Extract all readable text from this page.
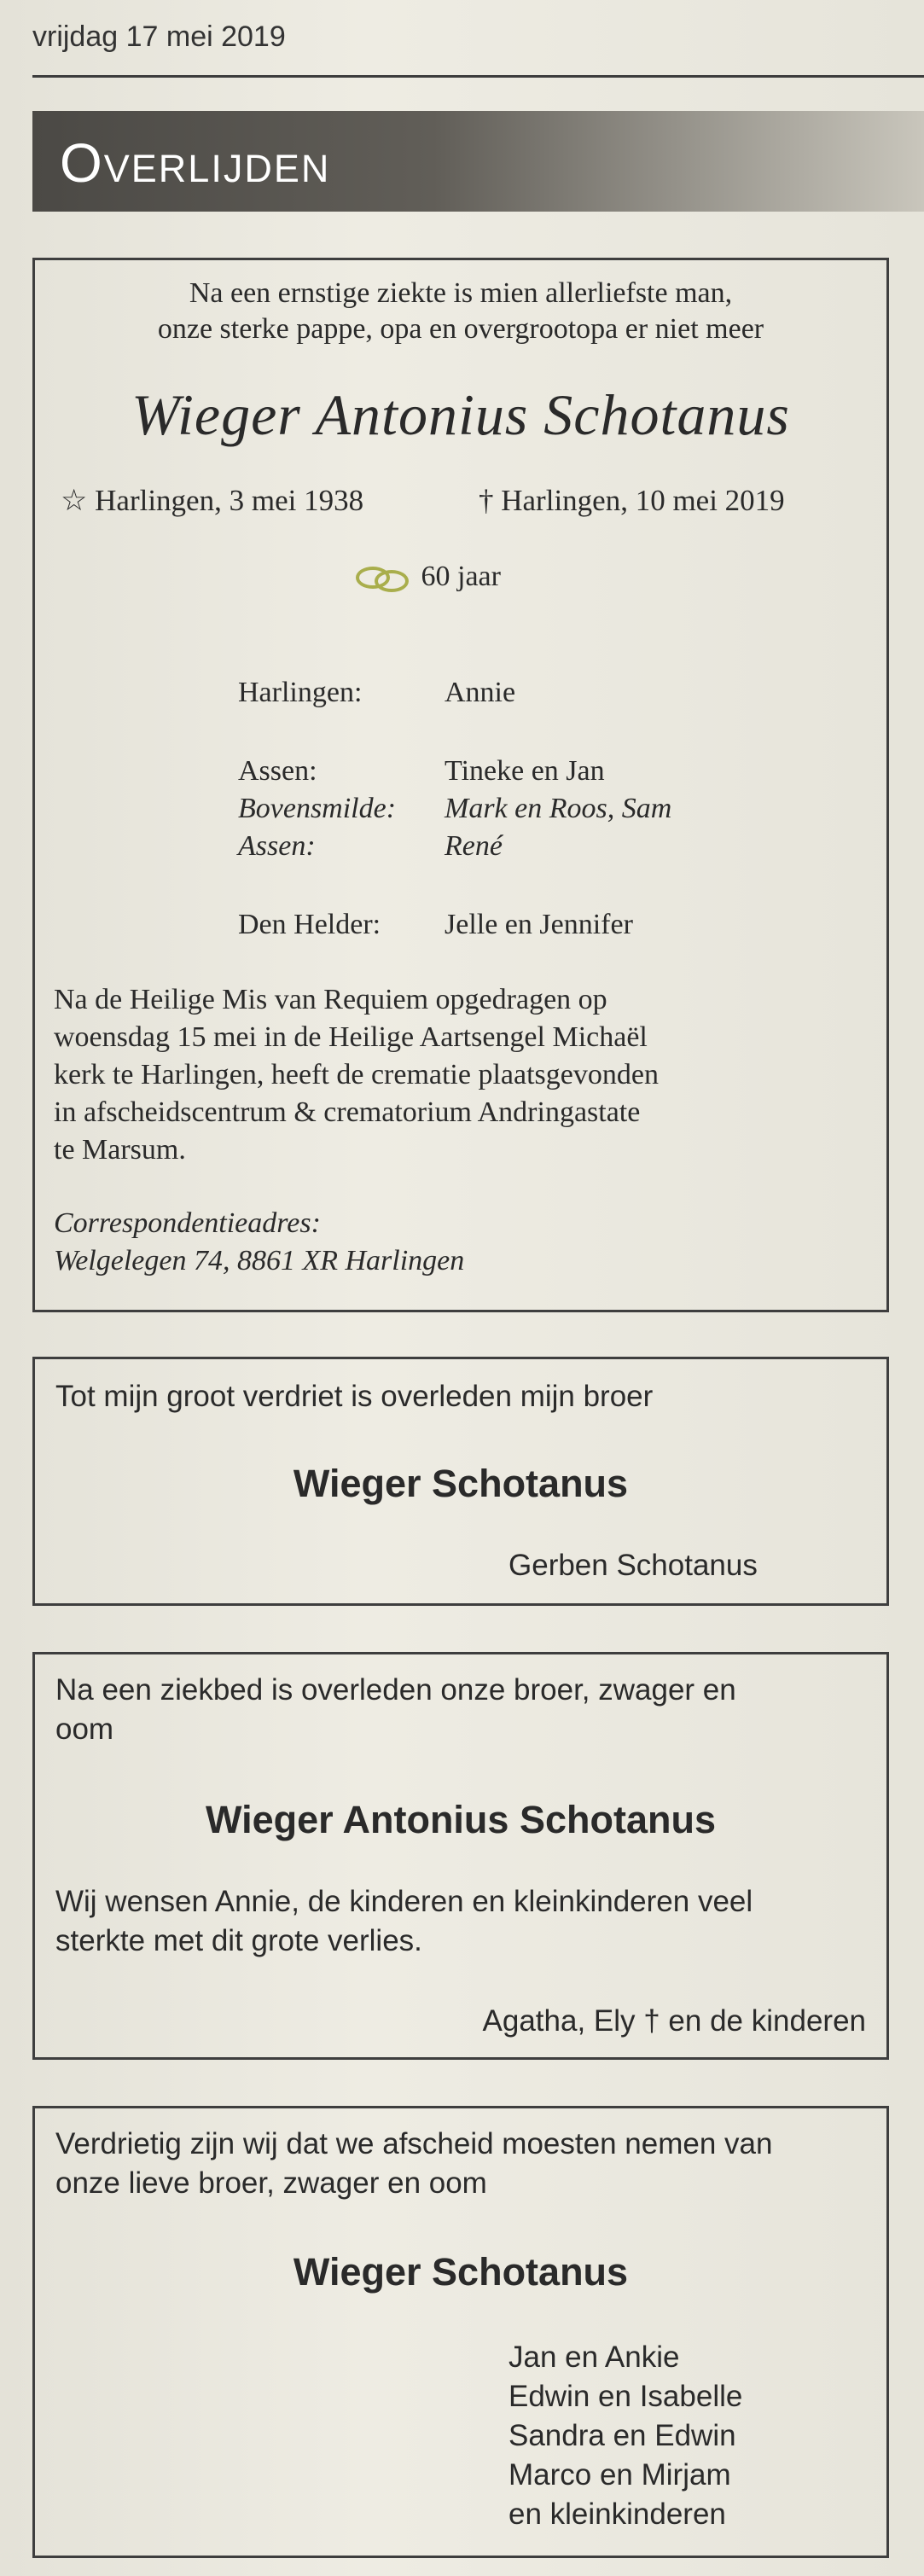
vrijdag 17 mei 2019
Overlijden
Na een ernstige ziekte is mien allerliefste man,
onze sterke pappe, opa en overgrootopa er niet meer
Wieger Antonius Schotanus
☆ Harlingen, 3 mei 1938	† Harlingen, 10 mei 2019
60 jaar
Harlingen:	Annie
Assen:	Tineke en Jan
Bovensmilde: Mark en Roos, Sam
Assen:	René
Den Helder: Jelle en Jennifer
Na de Heilige Mis van Requiem opgedragen op
woensdag 15 mei in de Heilige Aartsengel Michaël
kerk te Harlingen, heeft de crematie plaatsgevonden
in afscheidscentrum & crematorium Andringastate
te Marsum.
Correspondentieadres:
Welgelegen 74, 8861 XR Harlingen
Tot mijn groot verdriet is overleden mijn broer
Wieger Schotanus
Gerben Schotanus
Na een ziekbed is overleden onze broer, zwager en
oom
Wieger Antonius Schotanus
Wij wensen Annie, de kinderen en kleinkinderen veel
sterkte met dit grote verlies.
Agatha, Ely † en de kinderen
Verdrietig zijn wij dat we afscheid moesten nemen van
onze lieve broer, zwager en oom
Wieger Schotanus
Jan en Ankie
Edwin en Isabelle
Sandra en Edwin
Marco en Mirjam
en kleinkinderen
